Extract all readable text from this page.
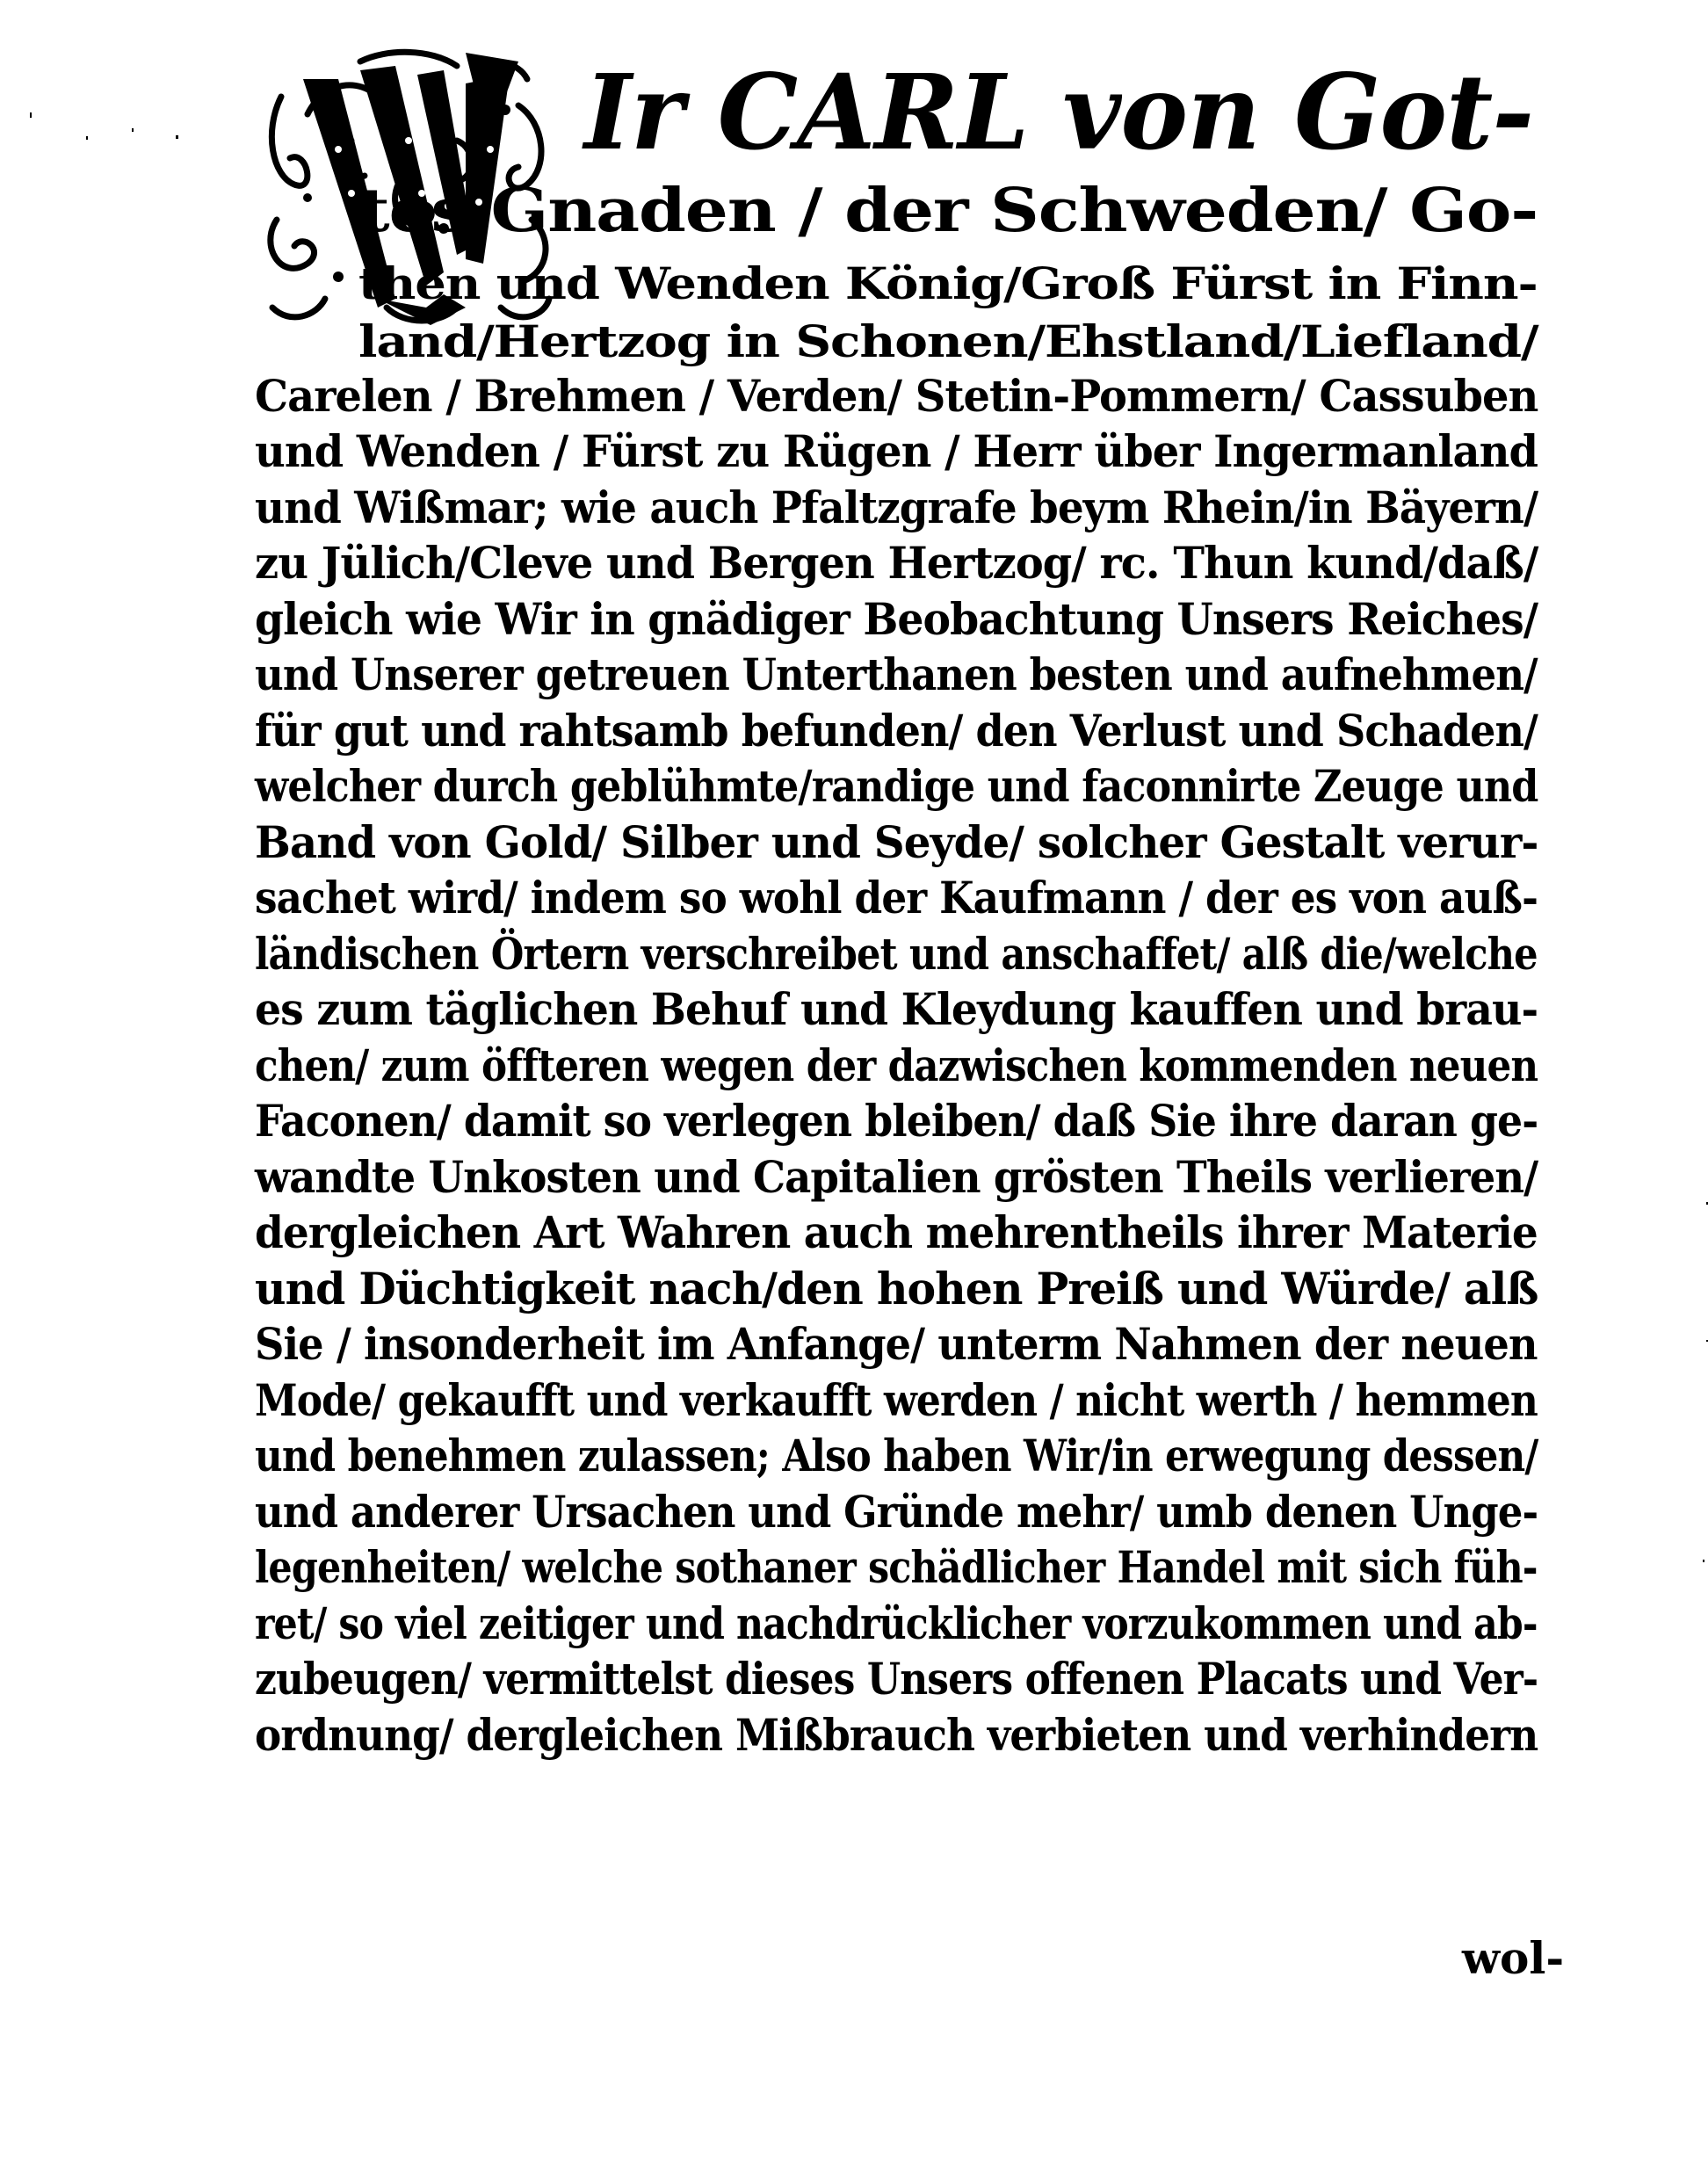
Ir CARL von Got-
tes Gnaden / der Schweden/ Go-
then und Wenden König/Groß Fürst in Finn-
land/Hertzog in Schonen/Ehstland/Liefland/
Carelen / Brehmen / Verden/ Stetin-Pommern/ Cassuben
und Wenden / Fürst zu Rügen / Herr über Ingermanland
und Wißmar; wie auch Pfaltzgrafe beym Rhein/in Bäyern/
zu Jülich/Cleve und Bergen Hertzog/ rc. Thun kund/daß/
gleich wie Wir in gnädiger Beobachtung Unsers Reiches/
und Unserer getreuen Unterthanen besten und aufnehmen/
für gut und rahtsamb befunden/ den Verlust und Schaden/
welcher durch geblühmte/randige und faconnirte Zeuge und
Band von Gold/ Silber und Seyde/ solcher Gestalt verur-
sachet wird/ indem so wohl der Kaufmann / der es von auß-
ländischen Örtern verschreibet und anschaffet/ alß die/welche
es zum täglichen Behuf und Kleydung kauffen und brau-
chen/ zum öffteren wegen der dazwischen kommenden neuen
Faconen/ damit so verlegen bleiben/ daß Sie ihre daran ge-
wandte Unkosten und Capitalien grösten Theils verlieren/
dergleichen Art Wahren auch mehrentheils ihrer Materie
und Düchtigkeit nach/den hohen Preiß und Würde/ alß
Sie / insonderheit im Anfange/ unterm Nahmen der neuen
Mode/ gekaufft und verkaufft werden / nicht werth / hemmen
und benehmen zulassen; Also haben Wir/in erwegung dessen/
und anderer Ursachen und Gründe mehr/ umb denen Unge-
legenheiten/ welche sothaner schädlicher Handel mit sich füh-
ret/ so viel zeitiger und nachdrücklicher vorzukommen und ab-
zubeugen/ vermittelst dieses Unsers offenen Placats und Ver-
ordnung/ dergleichen Mißbrauch verbieten und verhindern
wol-
